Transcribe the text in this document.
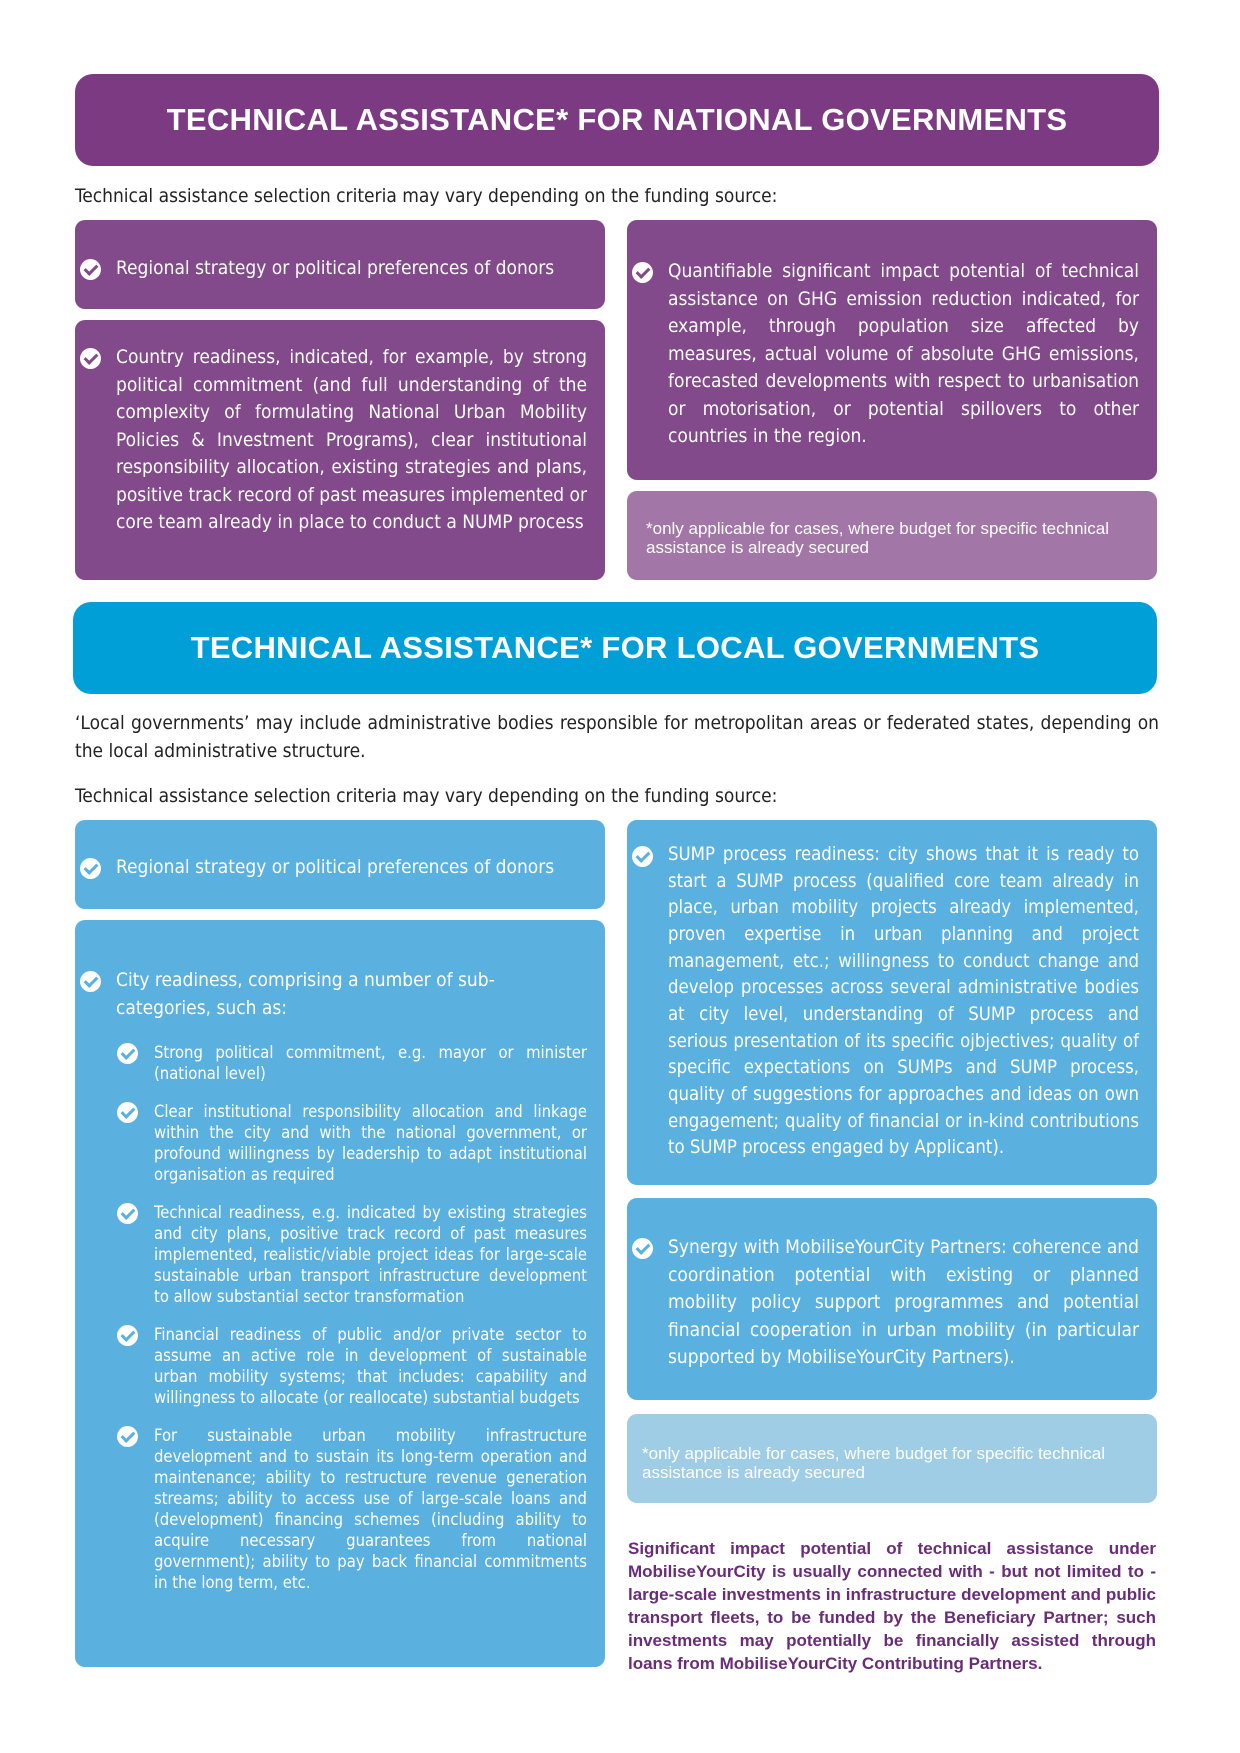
TECHNICAL ASSISTANCE* FOR NATIONAL GOVERNMENTS
Technical assistance selection criteria may vary depending on the funding source:
Regional strategy or political preferences of donors
Country readiness, indicated, for example, by strong political commitment (and full understanding of the complexity of formulating National Urban Mobility Policies & Investment Programs), clear institutional responsibility allocation, existing strategies and plans, positive track record of past measures implemented or core team already in place to conduct a NUMP process
Quantifiable significant impact potential of technical assistance on GHG emission reduction indicated, for example, through population size affected by measures, actual volume of absolute GHG emissions, forecasted developments with respect to urbanisation or motorisation, or potential spillovers to other countries in the region.
*only applicable for cases, where budget for specific technical assistance is already secured
TECHNICAL ASSISTANCE* FOR LOCAL GOVERNMENTS
‘Local governments’ may include administrative bodies responsible for metropolitan areas or federated states, depending on the local administrative structure.
Technical assistance selection criteria may vary depending on the funding source:
Regional strategy or political preferences of donors
City readiness, comprising a number of sub-categories, such as:
Strong political commitment, e.g. mayor or minister (national level)
Clear institutional responsibility allocation and linkage within the city and with the national government, or profound willingness by leadership to adapt institutional organisation as required
Technical readiness, e.g. indicated by existing strategies and city plans, positive track record of past measures implemented, realistic/viable project ideas for large-scale sustainable urban transport infrastructure development to allow substantial sector transformation
Financial readiness of public and/or private sector to assume an active role in development of sustainable urban mobility systems; that includes: capability and willingness to allocate (or reallocate) substantial budgets
For sustainable urban mobility infrastructure development and to sustain its long-term operation and maintenance; ability to restructure revenue generation streams; ability to access use of large-scale loans and (development) financing schemes (including ability to acquire necessary guarantees from national government); ability to pay back financial commitments in the long term, etc.
SUMP process readiness: city shows that it is ready to start a SUMP process (qualified core team already in place, urban mobility projects already implemented, proven expertise in urban planning and project management, etc.; willingness to conduct change and develop processes across several administrative bodies at city level, understanding of SUMP process and serious presentation of its specific ojbjectives; quality of specific expectations on SUMPs and SUMP process, quality of suggestions for approaches and ideas on own engagement; quality of financial or in-kind contributions to SUMP process engaged by Applicant).
Synergy with MobiliseYourCity Partners: coherence and coordination potential with existing or planned mobility policy support programmes and potential financial cooperation in urban mobility (in particular supported by MobiliseYourCity Partners).
*only applicable for cases, where budget for specific technical assistance is already secured
Significant impact potential of technical assistance under MobiliseYourCity is usually connected with - but not limited to - large-scale investments in infrastructure development and public transport fleets, to be funded by the Beneficiary Partner; such investments may potentially be financially assisted through loans from MobiliseYourCity Contributing Partners.
